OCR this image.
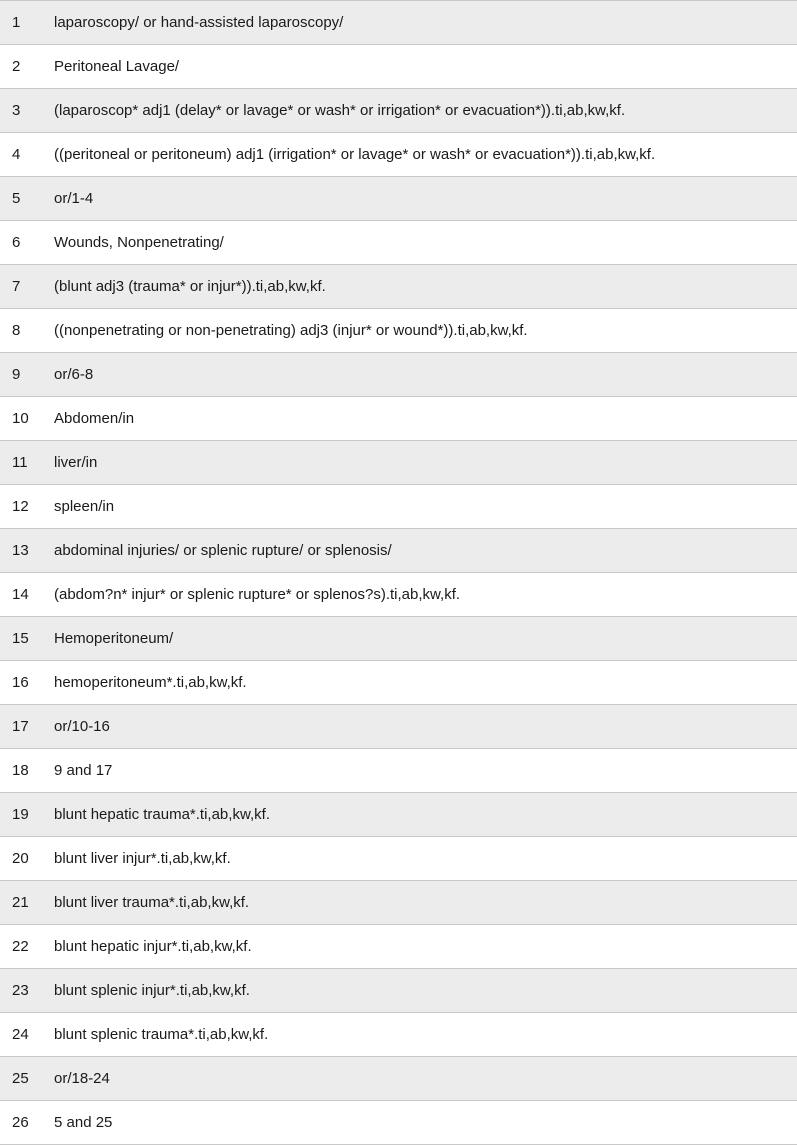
1	laparoscopy/ or hand-assisted laparoscopy/
2	Peritoneal Lavage/
3	(laparoscop* adj1 (delay* or lavage* or wash* or irrigation* or evacuation*)).ti,ab,kw,kf.
4	((peritoneal or peritoneum) adj1 (irrigation* or lavage* or wash* or evacuation*)).ti,ab,kw,kf.
5	or/1-4
6	Wounds, Nonpenetrating/
7	(blunt adj3 (trauma* or injur*)).ti,ab,kw,kf.
8	((nonpenetrating or non-penetrating) adj3 (injur* or wound*)).ti,ab,kw,kf.
9	or/6-8
10	Abdomen/in
11	liver/in
12	spleen/in
13	abdominal injuries/ or splenic rupture/ or splenosis/
14	(abdom?n* injur* or splenic rupture* or splenos?s).ti,ab,kw,kf.
15	Hemoperitoneum/
16	hemoperitoneum*.ti,ab,kw,kf.
17	or/10-16
18	9 and 17
19	blunt hepatic trauma*.ti,ab,kw,kf.
20	blunt liver injur*.ti,ab,kw,kf.
21	blunt liver trauma*.ti,ab,kw,kf.
22	blunt hepatic injur*.ti,ab,kw,kf.
23	blunt splenic injur*.ti,ab,kw,kf.
24	blunt splenic trauma*.ti,ab,kw,kf.
25	or/18-24
26	5 and 25
